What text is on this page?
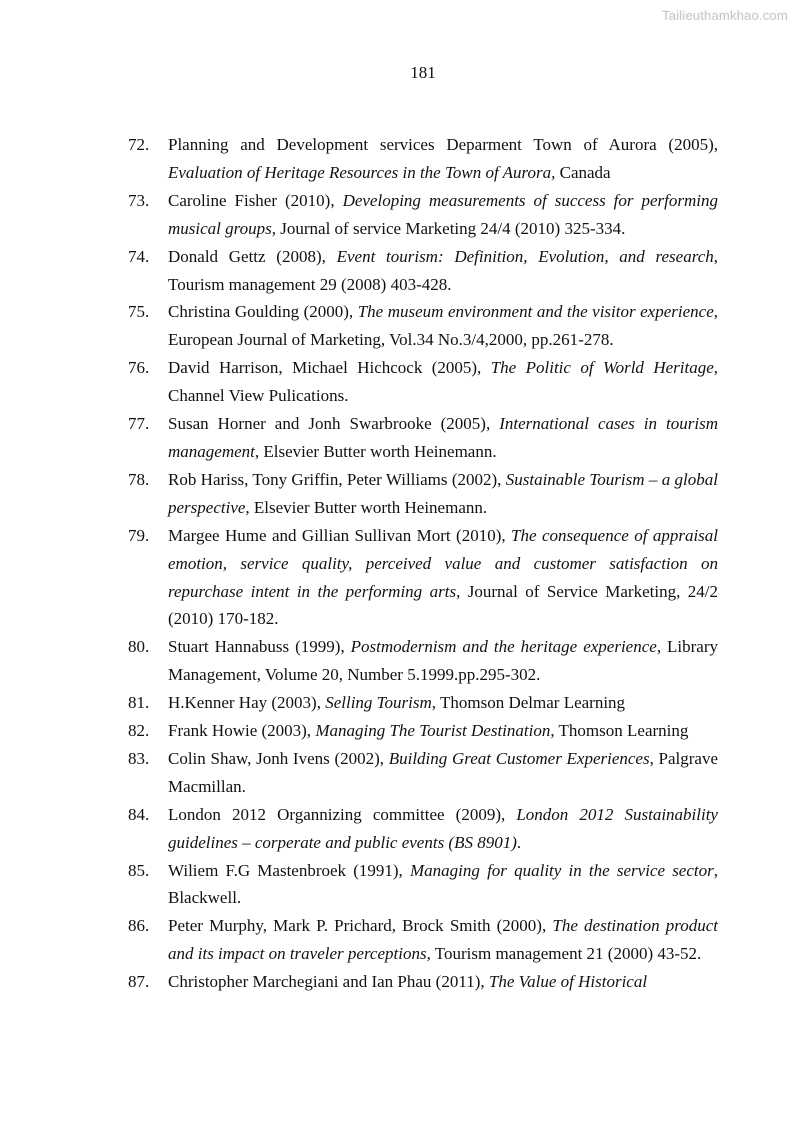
Tailieuthamkhao.com
181
72. Planning and Development services Deparment Town of Aurora (2005), Evaluation of Heritage Resources in the Town of Aurora, Canada
73. Caroline Fisher (2010), Developing measurements of success for performing musical groups, Journal of service Marketing 24/4 (2010) 325-334.
74. Donald Gettz (2008), Event tourism: Definition, Evolution, and research, Tourism management 29 (2008) 403-428.
75. Christina Goulding (2000), The museum environment and the visitor experience, European Journal of Marketing, Vol.34 No.3/4,2000, pp.261-278.
76. David Harrison, Michael Hichcock (2005), The Politic of World Heritage, Channel View Pulications.
77. Susan Horner and Jonh Swarbrooke (2005), International cases in tourism management, Elsevier Butter worth Heinemann.
78. Rob Hariss, Tony Griffin, Peter Williams (2002), Sustainable Tourism – a global perspective, Elsevier Butter worth Heinemann.
79. Margee Hume and Gillian Sullivan Mort (2010), The consequence of appraisal emotion, service quality, perceived value and customer satisfaction on repurchase intent in the performing arts, Journal of Service Marketing, 24/2 (2010) 170-182.
80. Stuart Hannabuss (1999), Postmodernism and the heritage experience, Library Management, Volume 20, Number 5.1999.pp.295-302.
81. H.Kenner Hay (2003), Selling Tourism, Thomson Delmar Learning
82. Frank Howie (2003), Managing The Tourist Destination, Thomson Learning
83. Colin Shaw, Jonh Ivens (2002), Building Great Customer Experiences, Palgrave Macmillan.
84. London 2012 Organnizing committee (2009), London 2012 Sustainability guidelines – corperate and public events (BS 8901).
85. Wiliem F.G Mastenbroek (1991), Managing for quality in the service sector, Blackwell.
86. Peter Murphy, Mark P. Prichard, Brock Smith (2000), The destination product and its impact on traveler perceptions, Tourism management 21 (2000) 43-52.
87. Christopher Marchegiani and Ian Phau (2011), The Value of Historical
